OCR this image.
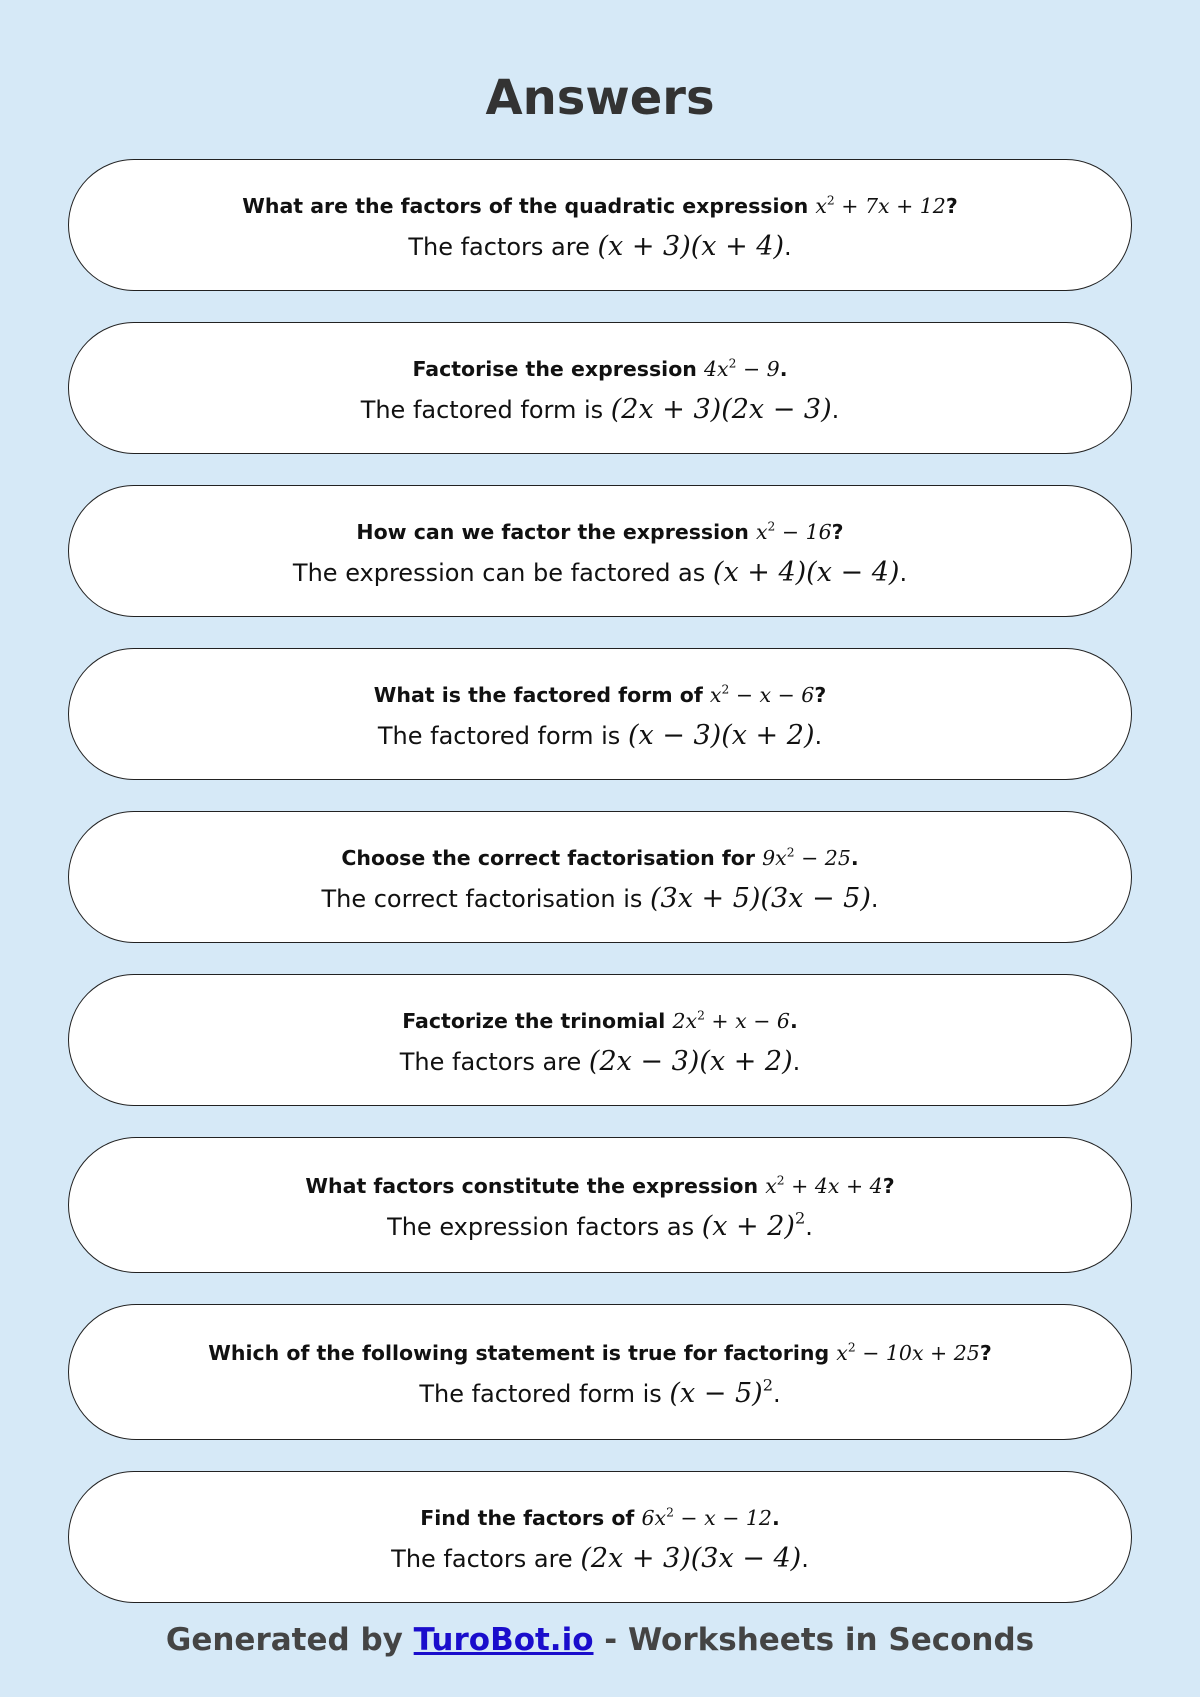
Answers
What are the factors of the quadratic expression $x^2 + 7x + 12$?
The factors are (x + 3)(x + 4).
Factorise the expression $4x^2 - 9$.
The factored form is (2x + 3)(2x − 3).
How can we factor the expression $x^2 - 16$?
The expression can be factored as (x + 4)(x − 4).
What is the factored form of $x^2 - x - 6$?
The factored form is (x − 3)(x + 2).
Choose the correct factorisation for $9x^2 - 25$.
The correct factorisation is (3x + 5)(3x − 5).
Factorize the trinomial $2x^2 + x - 6$.
The factors are (2x − 3)(x + 2).
What factors constitute the expression $x^2 + 4x + 4$?
The expression factors as $(x + 2)^2$.
Which of the following statement is true for factoring $x^2 - 10x + 25$?
The factored form is $(x - 5)^2$.
Find the factors of $6x^2 - x - 12$.
The factors are (2x + 3)(3x − 4).
Generated by TuroBot.io - Worksheets in Seconds
